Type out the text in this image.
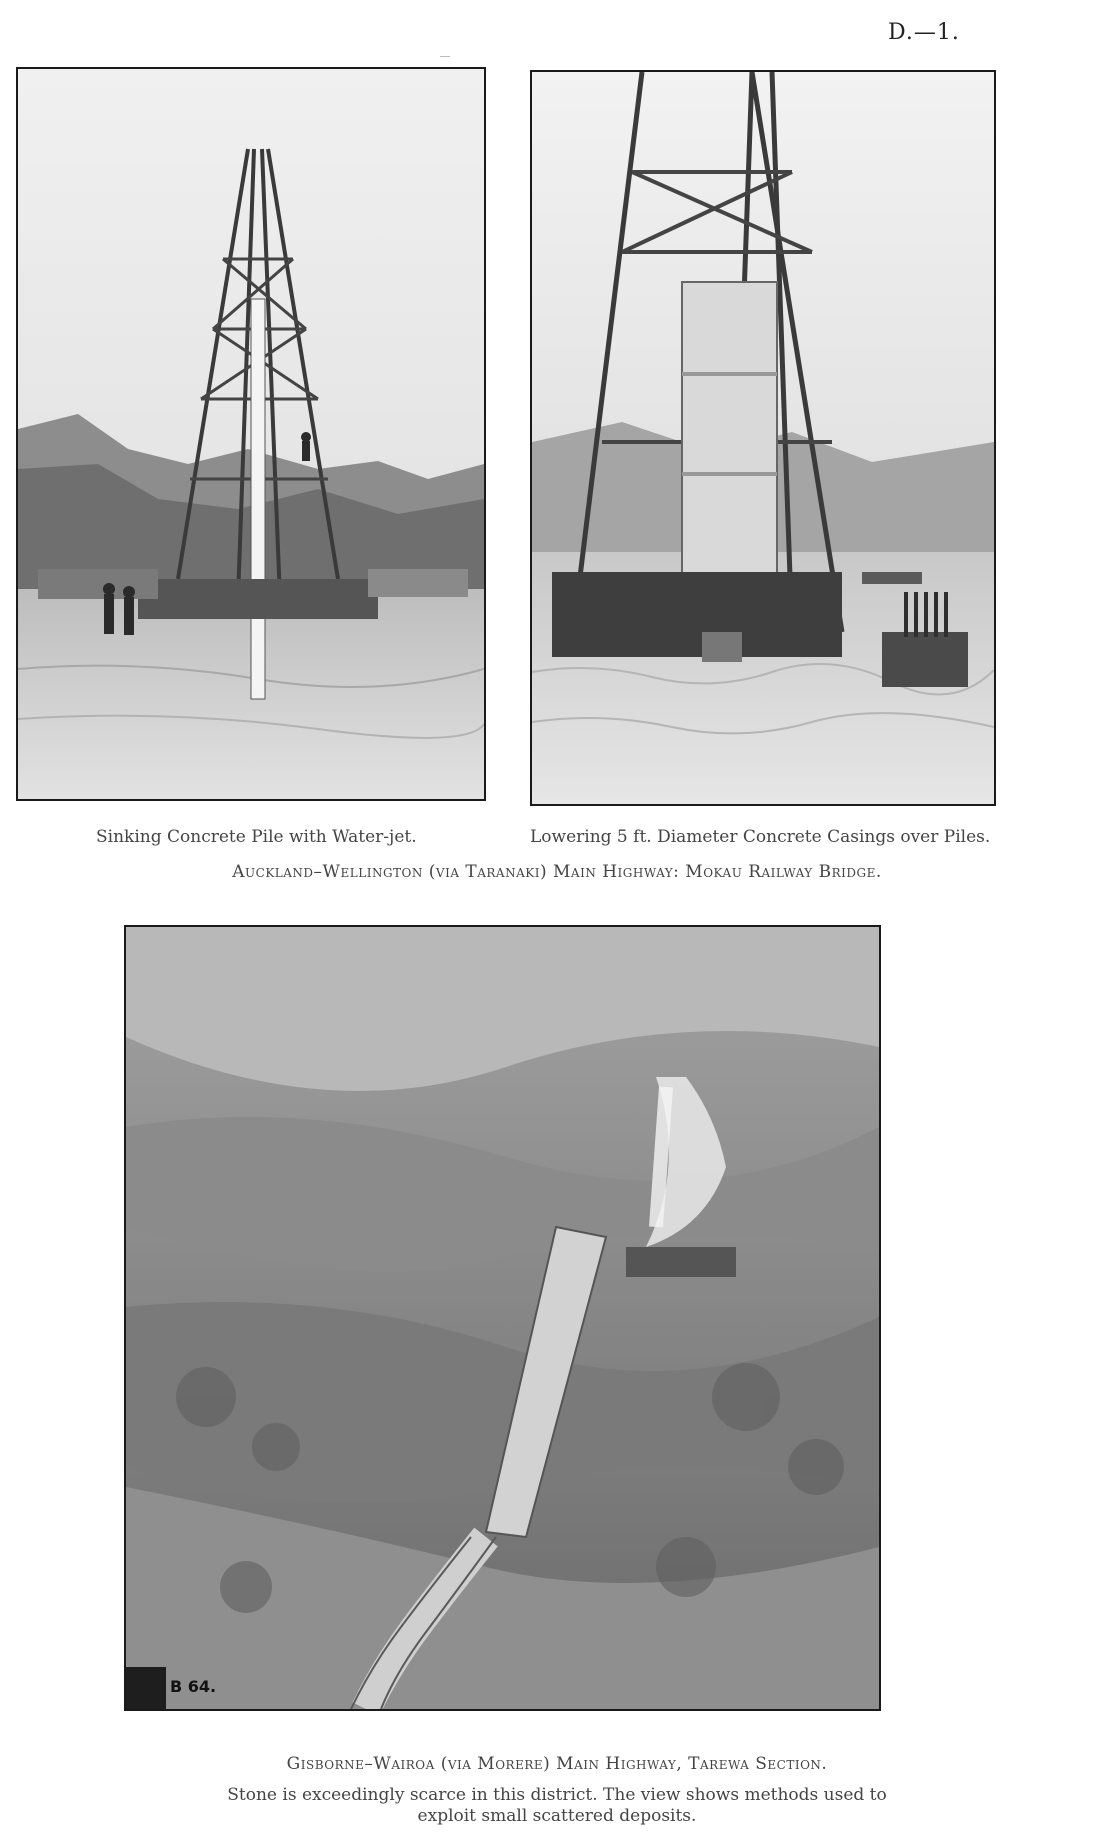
D.—1.
Sinking Concrete Pile with Water-jet.	Lowering 5 ft. Diameter Concrete Casings over Piles.
Auckland–Wellington (via Taranaki) Main Highway: Mokau Railway Bridge.
B 64.
Gisborne–Wairoa (via Morere) Main Highway, Tarewa Section.
Stone is exceedingly scarce in this district. The view shows methods used to
exploit small scattered deposits.
